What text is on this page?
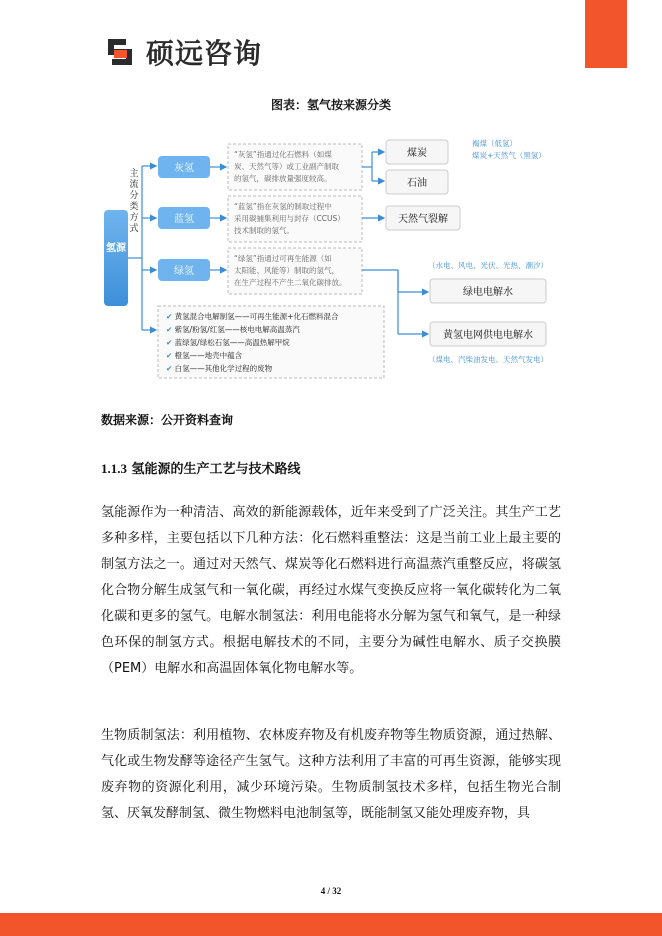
硕远咨询
图表：氢气按来源分类
氢源
主
流
分
类
方
式
灰氢
蓝氢
绿氢
“灰氢”指通过化石燃料（如煤
炭、天然气等）或工业副产制取
的氢气，碳排放量强度较高。
“蓝氢”指在灰氢的制取过程中
采用碳捕集利用与封存（CCUS）
技术制取的氢气。
“绿氢”指通过可再生能源（如
太阳能、风能等）制取的氢气，
在生产过程不产生二氧化碳排放。
煤炭
石油
天然气裂解
绿电电解水
黄氢电网供电电解水
褐煤（低氢）
煤炭+天然气（黑氢）
（水电、风电、光伏、光热、潮汐）
（煤电、汽柴油发电、天然气发电）
✔ 黄氢混合电解制氢——可再生能源+化石燃料混合
✔ 紫氢/粉氢/红氢——核电电解高温蒸汽
✔ 蓝绿氢/绿松石氢——高温热解甲烷
✔ 橙氢——地壳中蕴含
✔ 白氢——其他化学过程的废物
数据来源：公开资料查询
1.1.3 氢能源的生产工艺与技术路线
氢能源作为一种清洁、高效的新能源载体，近年来受到了广泛关注。其生产工艺多种多样，主要包括以下几种方法：化石燃料重整法：这是当前工业上最主要的制氢方法之一。通过对天然气、煤炭等化石燃料进行高温蒸汽重整反应，将碳氢化合物分解生成氢气和一氧化碳，再经过水煤气变换反应将一氧化碳转化为二氧化碳和更多的氢气。电解水制氢法：利用电能将水分解为氢气和氧气，是一种绿色环保的制氢方式。根据电解技术的不同，主要分为碱性电解水、质子交换膜（PEM）电解水和高温固体氧化物电解水等。
生物质制氢法：利用植物、农林废弃物及有机废弃物等生物质资源，通过热解、气化或生物发酵等途径产生氢气。这种方法利用了丰富的可再生资源，能够实现废弃物的资源化利用，减少环境污染。生物质制氢技术多样，包括生物光合制氢、厌氧发酵制氢、微生物燃料电池制氢等，既能制氢又能处理废弃物，具
4 / 32
